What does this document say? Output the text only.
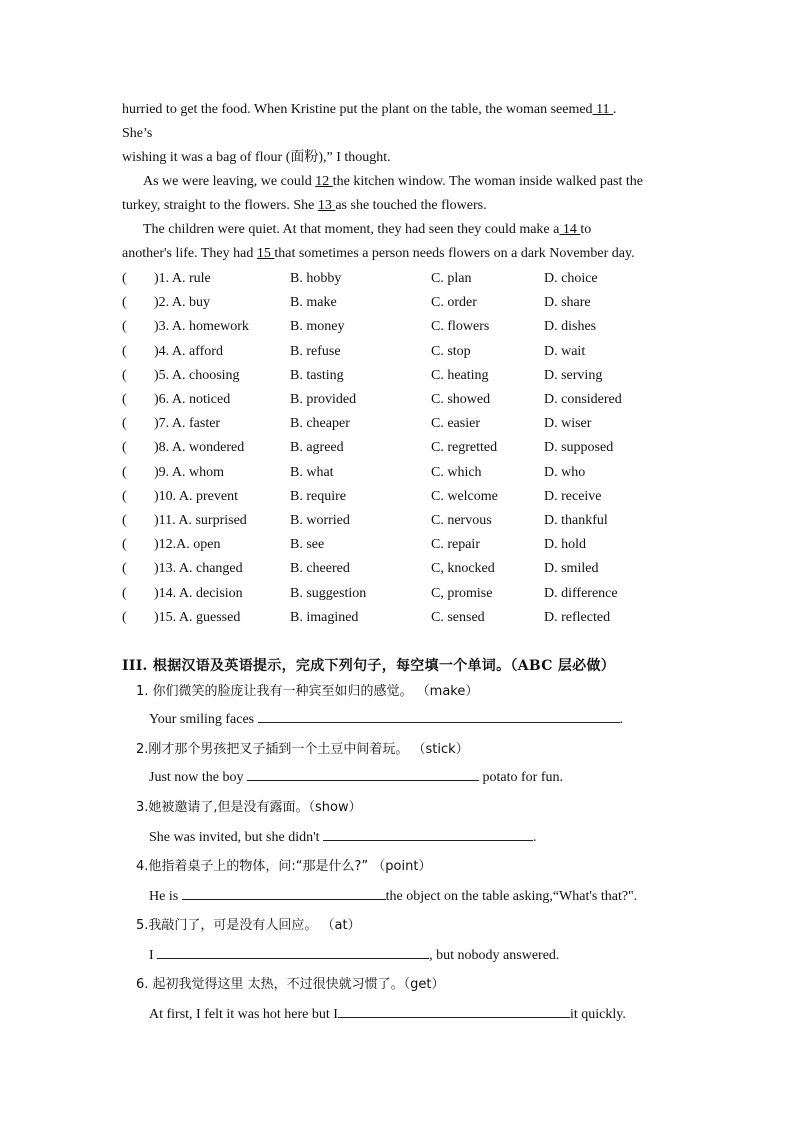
hurried to get the food. When Kristine put the plant on the table, the woman seemed 11 .
She’s
wishing it was a bag of flour (面粉),” I thought.
As we were leaving, we could 12 the kitchen window. The woman inside walked past the
turkey, straight to the flowers. She 13 as she touched the flowers.
The children were quiet. At that moment, they had seen they could make a 14 to
another's life. They had 15 that sometimes a person needs flowers on a dark November day.
( )1. A. rule	B. hobby	C. plan	D. choice
( )2. A. buy	B. make	C. order	D. share
( )3. A. homework	B. money	C. flowers	D. dishes
( )4. A. afford	B. refuse	C. stop	D. wait
( )5. A. choosing	B. tasting	C. heating	D. serving
( )6. A. noticed	B. provided	C. showed	D. considered
( )7. A. faster	B. cheaper	C. easier	D. wiser
( )8. A. wondered	B. agreed	C. regretted	D. supposed
( )9. A. whom	B. what	C. which	D. who
( )10. A. prevent	B. require	C. welcome	D. receive
( )11. A. surprised	B. worried	C. nervous	D. thankful
( )12.A. open	B. see	C. repair	D. hold
( )13. A. changed	B. cheered	C, knocked	D. smiled
( )14. A. decision	B. suggestion	C, promise	D. difference
( )15. A. guessed	B. imagined	C. sensed	D. reflected
III. 根据汉语及英语提示，完成下列句子，每空填一个单词。（ABC 层必做）
1. 你们微笑的脸庞让我有一种宾至如归的感觉。 （make）
Your smiling faces	.
2.刚才那个男孩把叉子插到一个土豆中间着玩。 （stick）
Just now the boy	potato for fun.
3.她被邀请了,但是没有露面。（show）
She was invited, but she didn't	.
4.他指着桌子上的物体，问:“那是什么?” （point）
He is	the object on the table asking,“What's that?".
5.我敲门了，可是没有人回应。 （at）
I	, but nobody answered.
6. 起初我觉得这里 太热，不过很快就习惯了。（get）
At first, I felt it was hot here but I	it quickly.
